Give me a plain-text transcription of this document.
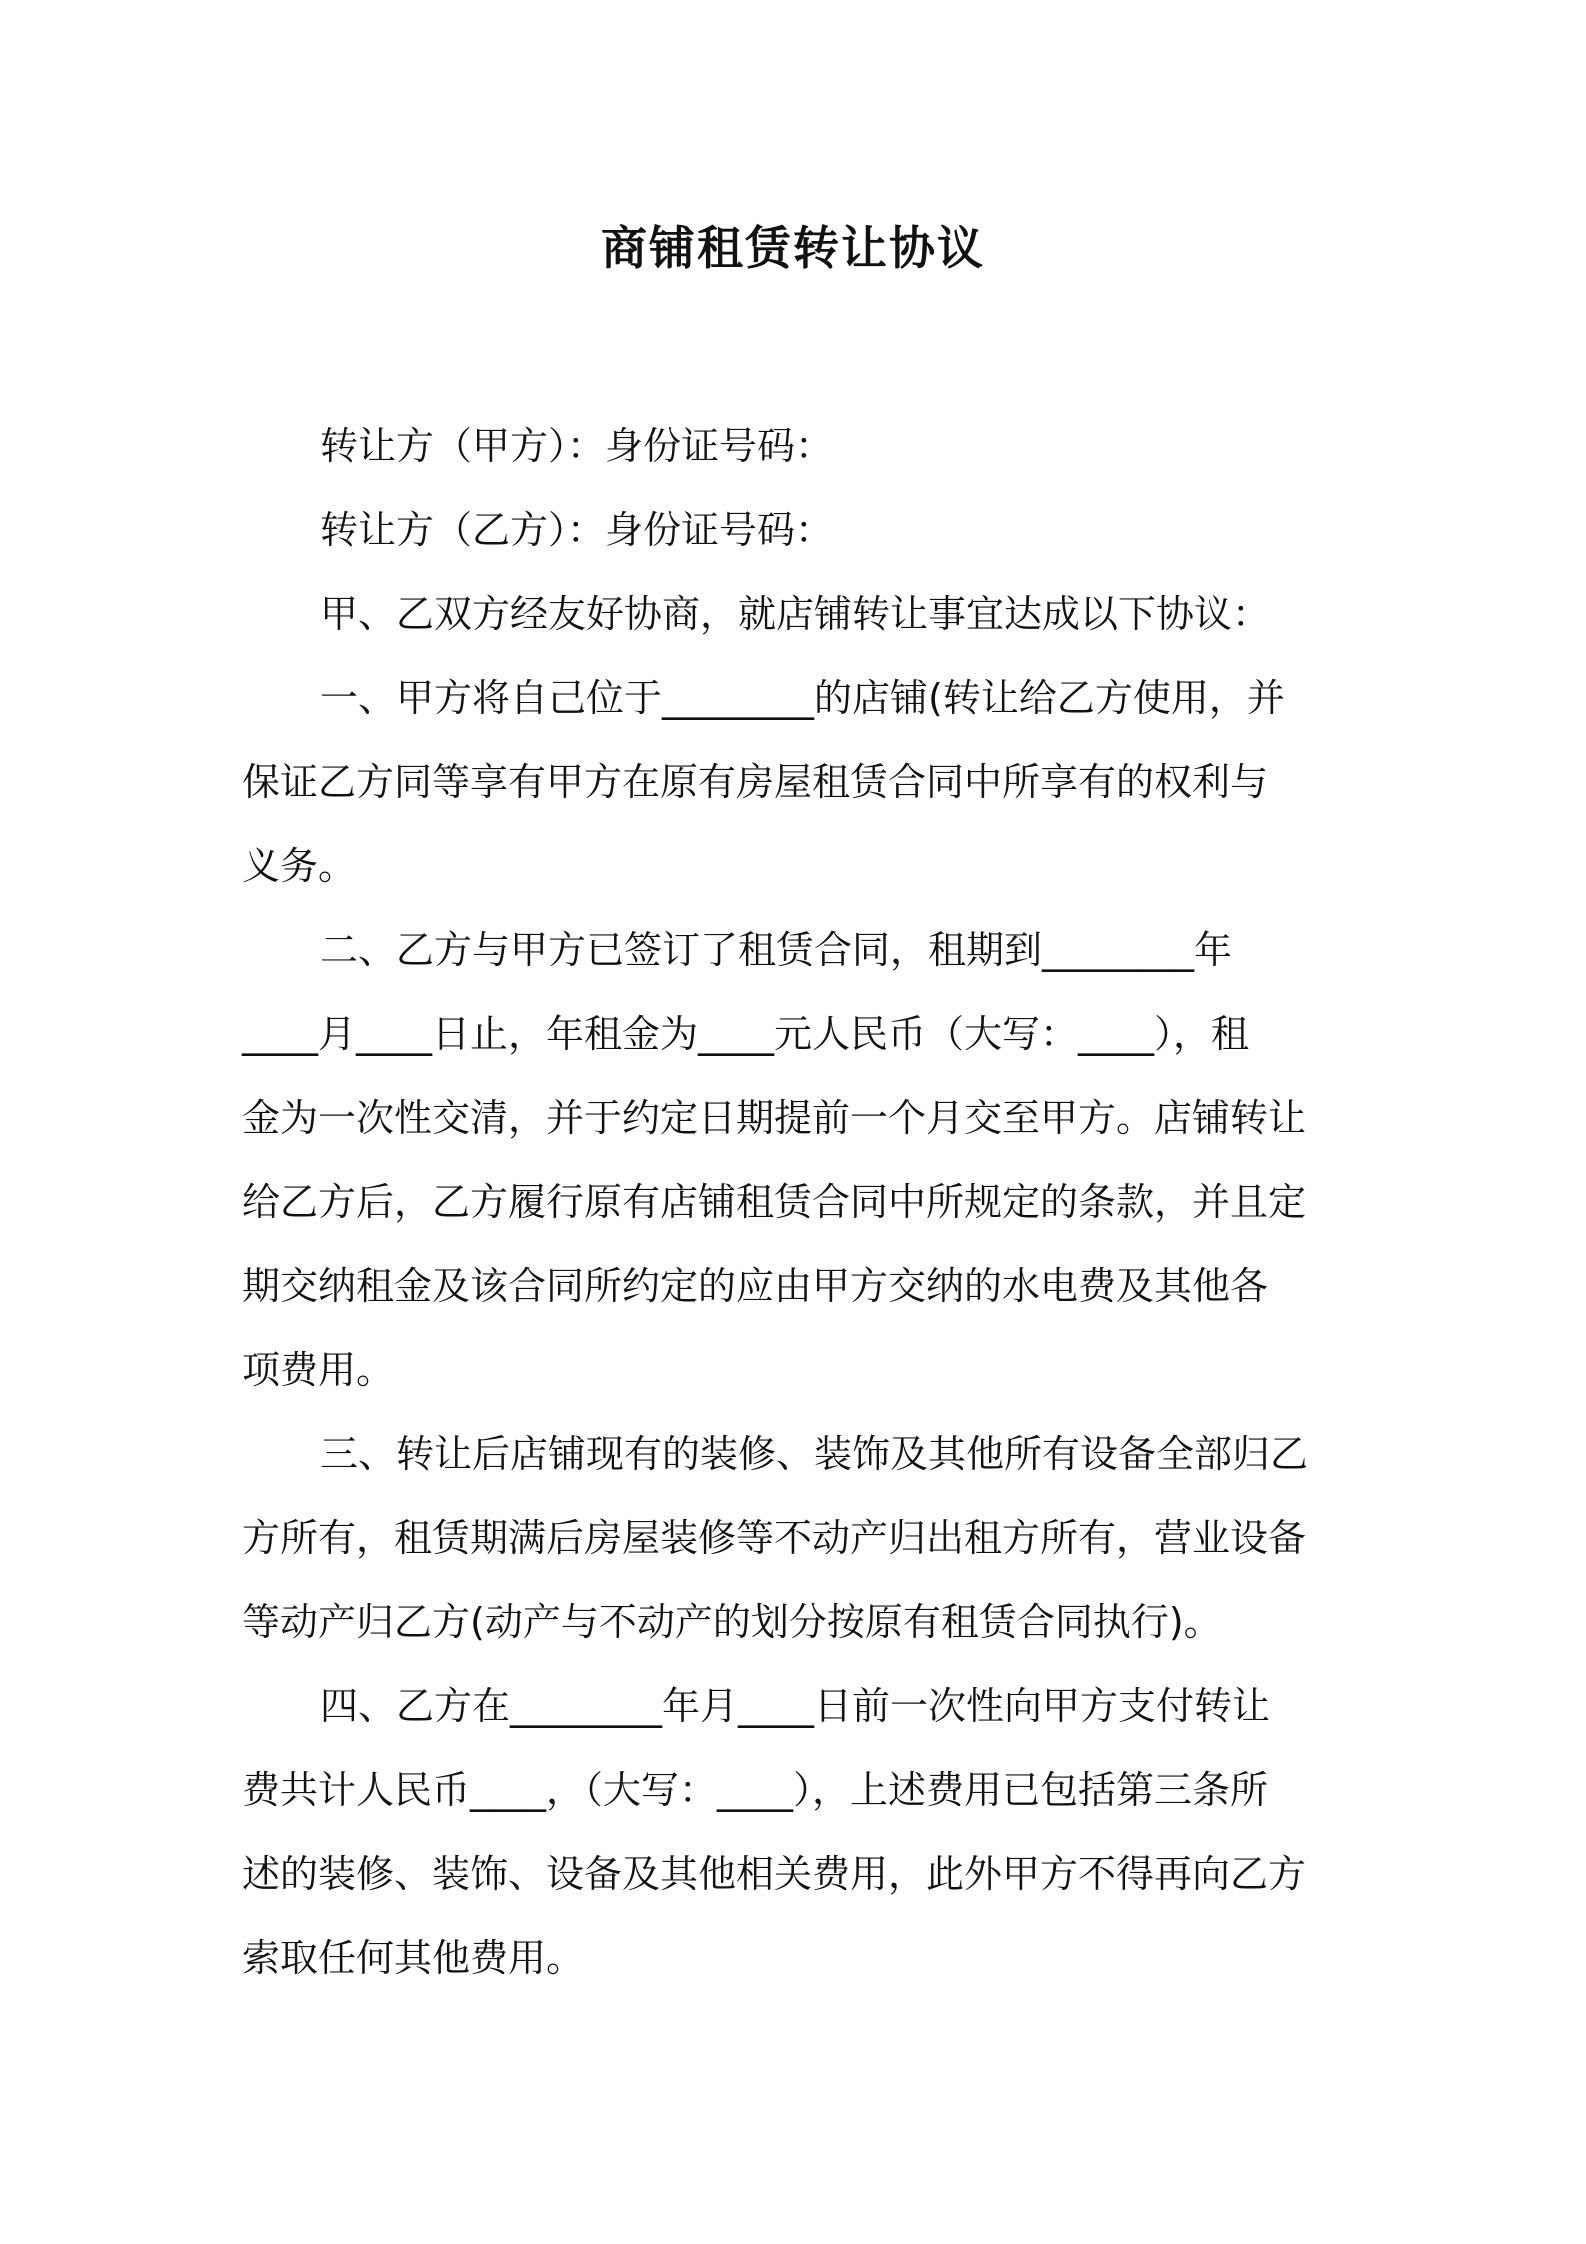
商铺租赁转让协议
转让方（甲方）：身份证号码：
转让方（乙方）：身份证号码：
甲、乙双方经友好协商，就店铺转让事宜达成以下协议：
一、甲方将自己位于________的店铺(转让给乙方使用，并
保证乙方同等享有甲方在原有房屋租赁合同中所享有的权利与
义务。
二、乙方与甲方已签订了租赁合同，租期到________年
____月____日止，年租金为____元人民币（大写：____），租
金为一次性交清，并于约定日期提前一个月交至甲方。店铺转让
给乙方后，乙方履行原有店铺租赁合同中所规定的条款，并且定
期交纳租金及该合同所约定的应由甲方交纳的水电费及其他各
项费用。
三、转让后店铺现有的装修、装饰及其他所有设备全部归乙
方所有，租赁期满后房屋装修等不动产归出租方所有，营业设备
等动产归乙方(动产与不动产的划分按原有租赁合同执行)。
四、乙方在________年月____日前一次性向甲方支付转让
费共计人民币____，（大写：____），上述费用已包括第三条所
述的装修、装饰、设备及其他相关费用，此外甲方不得再向乙方
索取任何其他费用。
